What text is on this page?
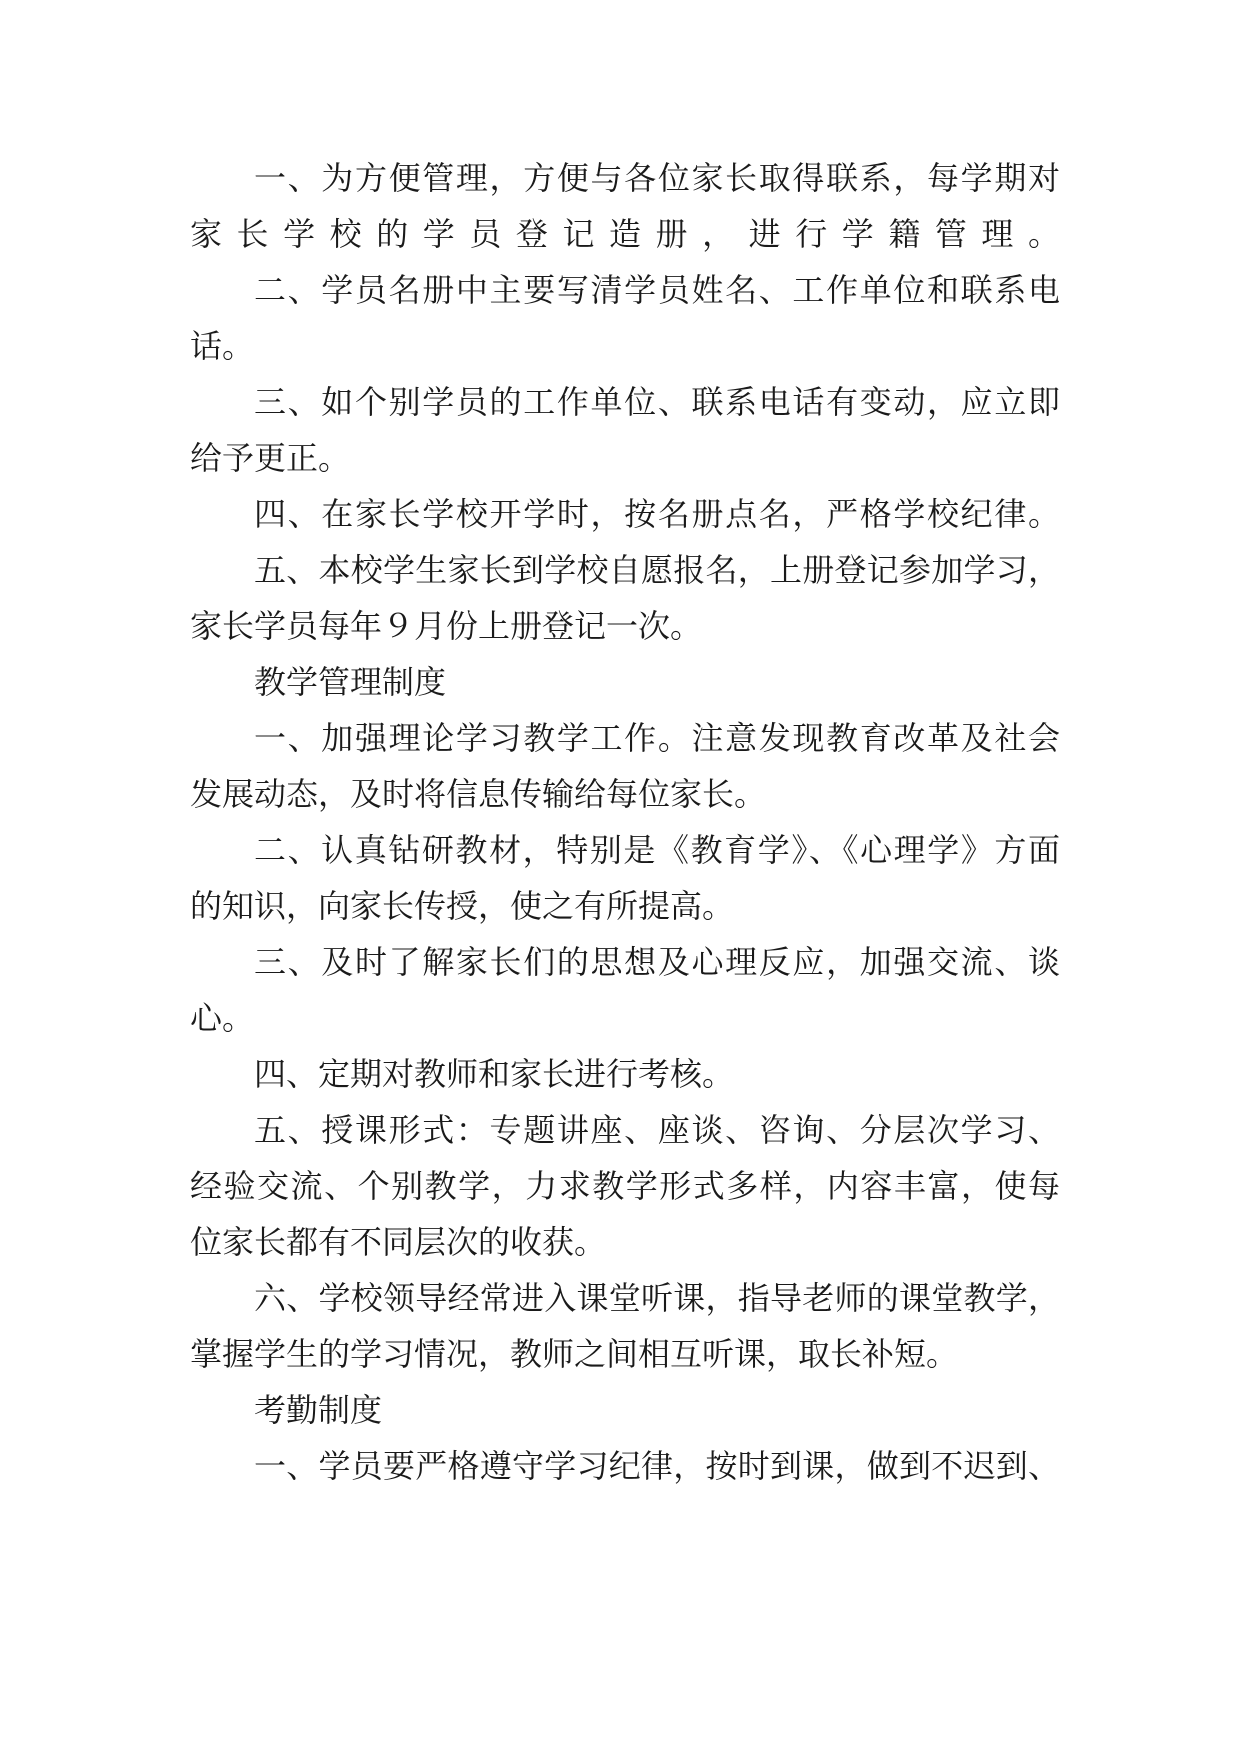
一、为方便管理，方便与各位家长取得联系，每学期对
家长学校的学员登记造册，进行学籍管理。
二、学员名册中主要写清学员姓名、工作单位和联系电
话。
三、如个别学员的工作单位、联系电话有变动，应立即
给予更正。
四、在家长学校开学时，按名册点名，严格学校纪律。
五、本校学生家长到学校自愿报名，上册登记参加学习，
家长学员每年９月份上册登记一次。
教学管理制度
一、加强理论学习教学工作。注意发现教育改革及社会
发展动态，及时将信息传输给每位家长。
二、认真钻研教材，特别是《教育学》、《心理学》方面
的知识，向家长传授，使之有所提高。
三、及时了解家长们的思想及心理反应，加强交流、谈
心。
四、定期对教师和家长进行考核。
五、授课形式：专题讲座、座谈、咨询、分层次学习、
经验交流、个别教学，力求教学形式多样，内容丰富，使每
位家长都有不同层次的收获。
六、学校领导经常进入课堂听课，指导老师的课堂教学，
掌握学生的学习情况，教师之间相互听课，取长补短。
考勤制度
一、学员要严格遵守学习纪律，按时到课，做到不迟到、
